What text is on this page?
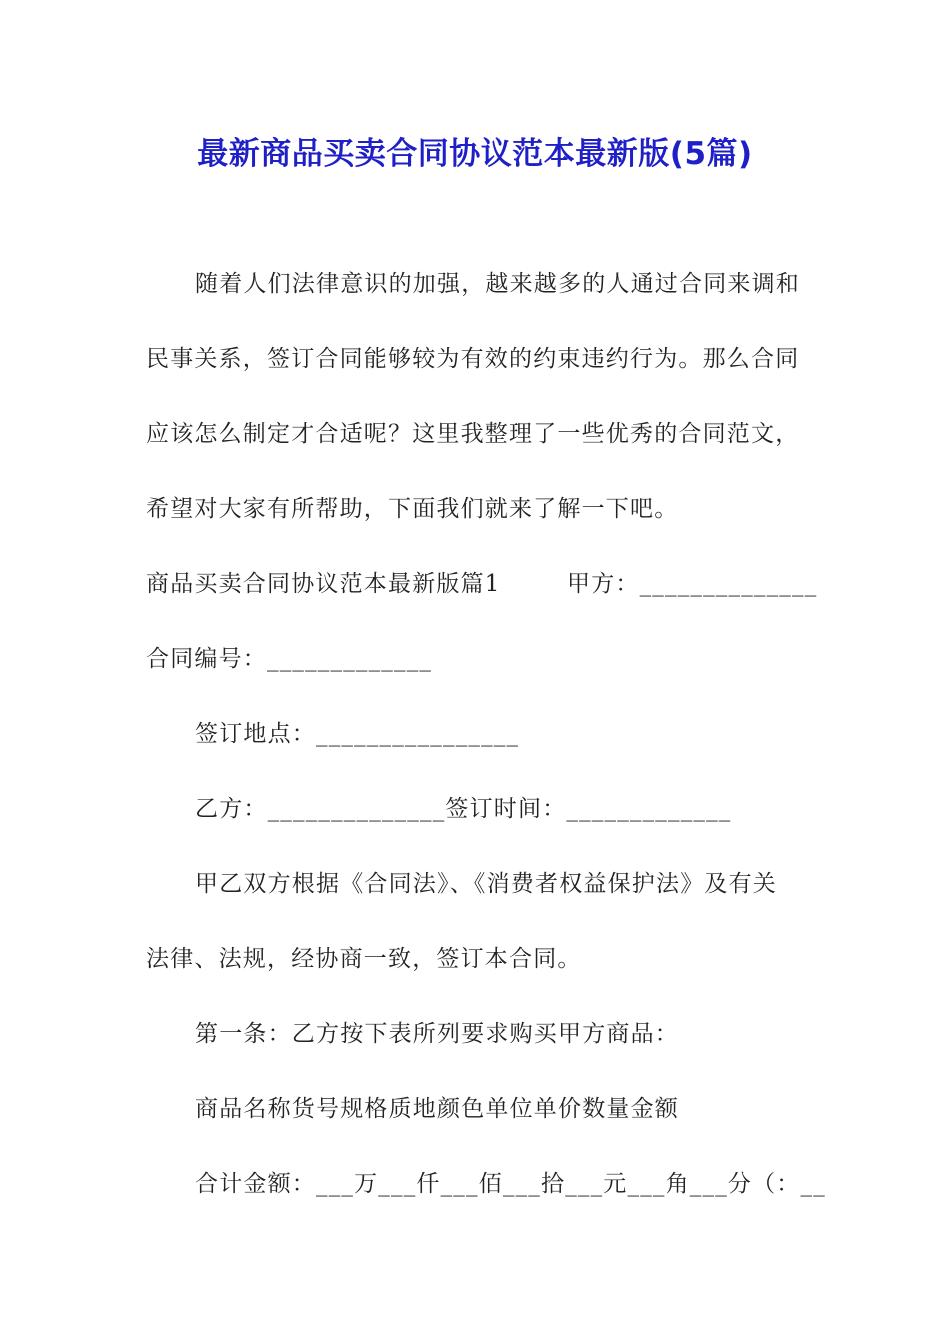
最新商品买卖合同协议范本最新版(5篇)
随着人们法律意识的加强，越来越多的人通过合同来调和
民事关系，签订合同能够较为有效的约束违约行为。那么合同
应该怎么制定才合适呢？这里我整理了一些优秀的合同范文，
希望对大家有所帮助，下面我们就来了解一下吧。
商品买卖合同协议范本最新版篇1	甲方：______________
合同编号：_____________
签订地点：________________
乙方：______________签订时间：_____________
甲乙双方根据《合同法》、《消费者权益保护法》及有关
法律、法规，经协商一致，签订本合同。
第一条：乙方按下表所列要求购买甲方商品：
商品名称货号规格质地颜色单位单价数量金额
合计金额：___万___仟___佰___拾___元___角___分（：__
